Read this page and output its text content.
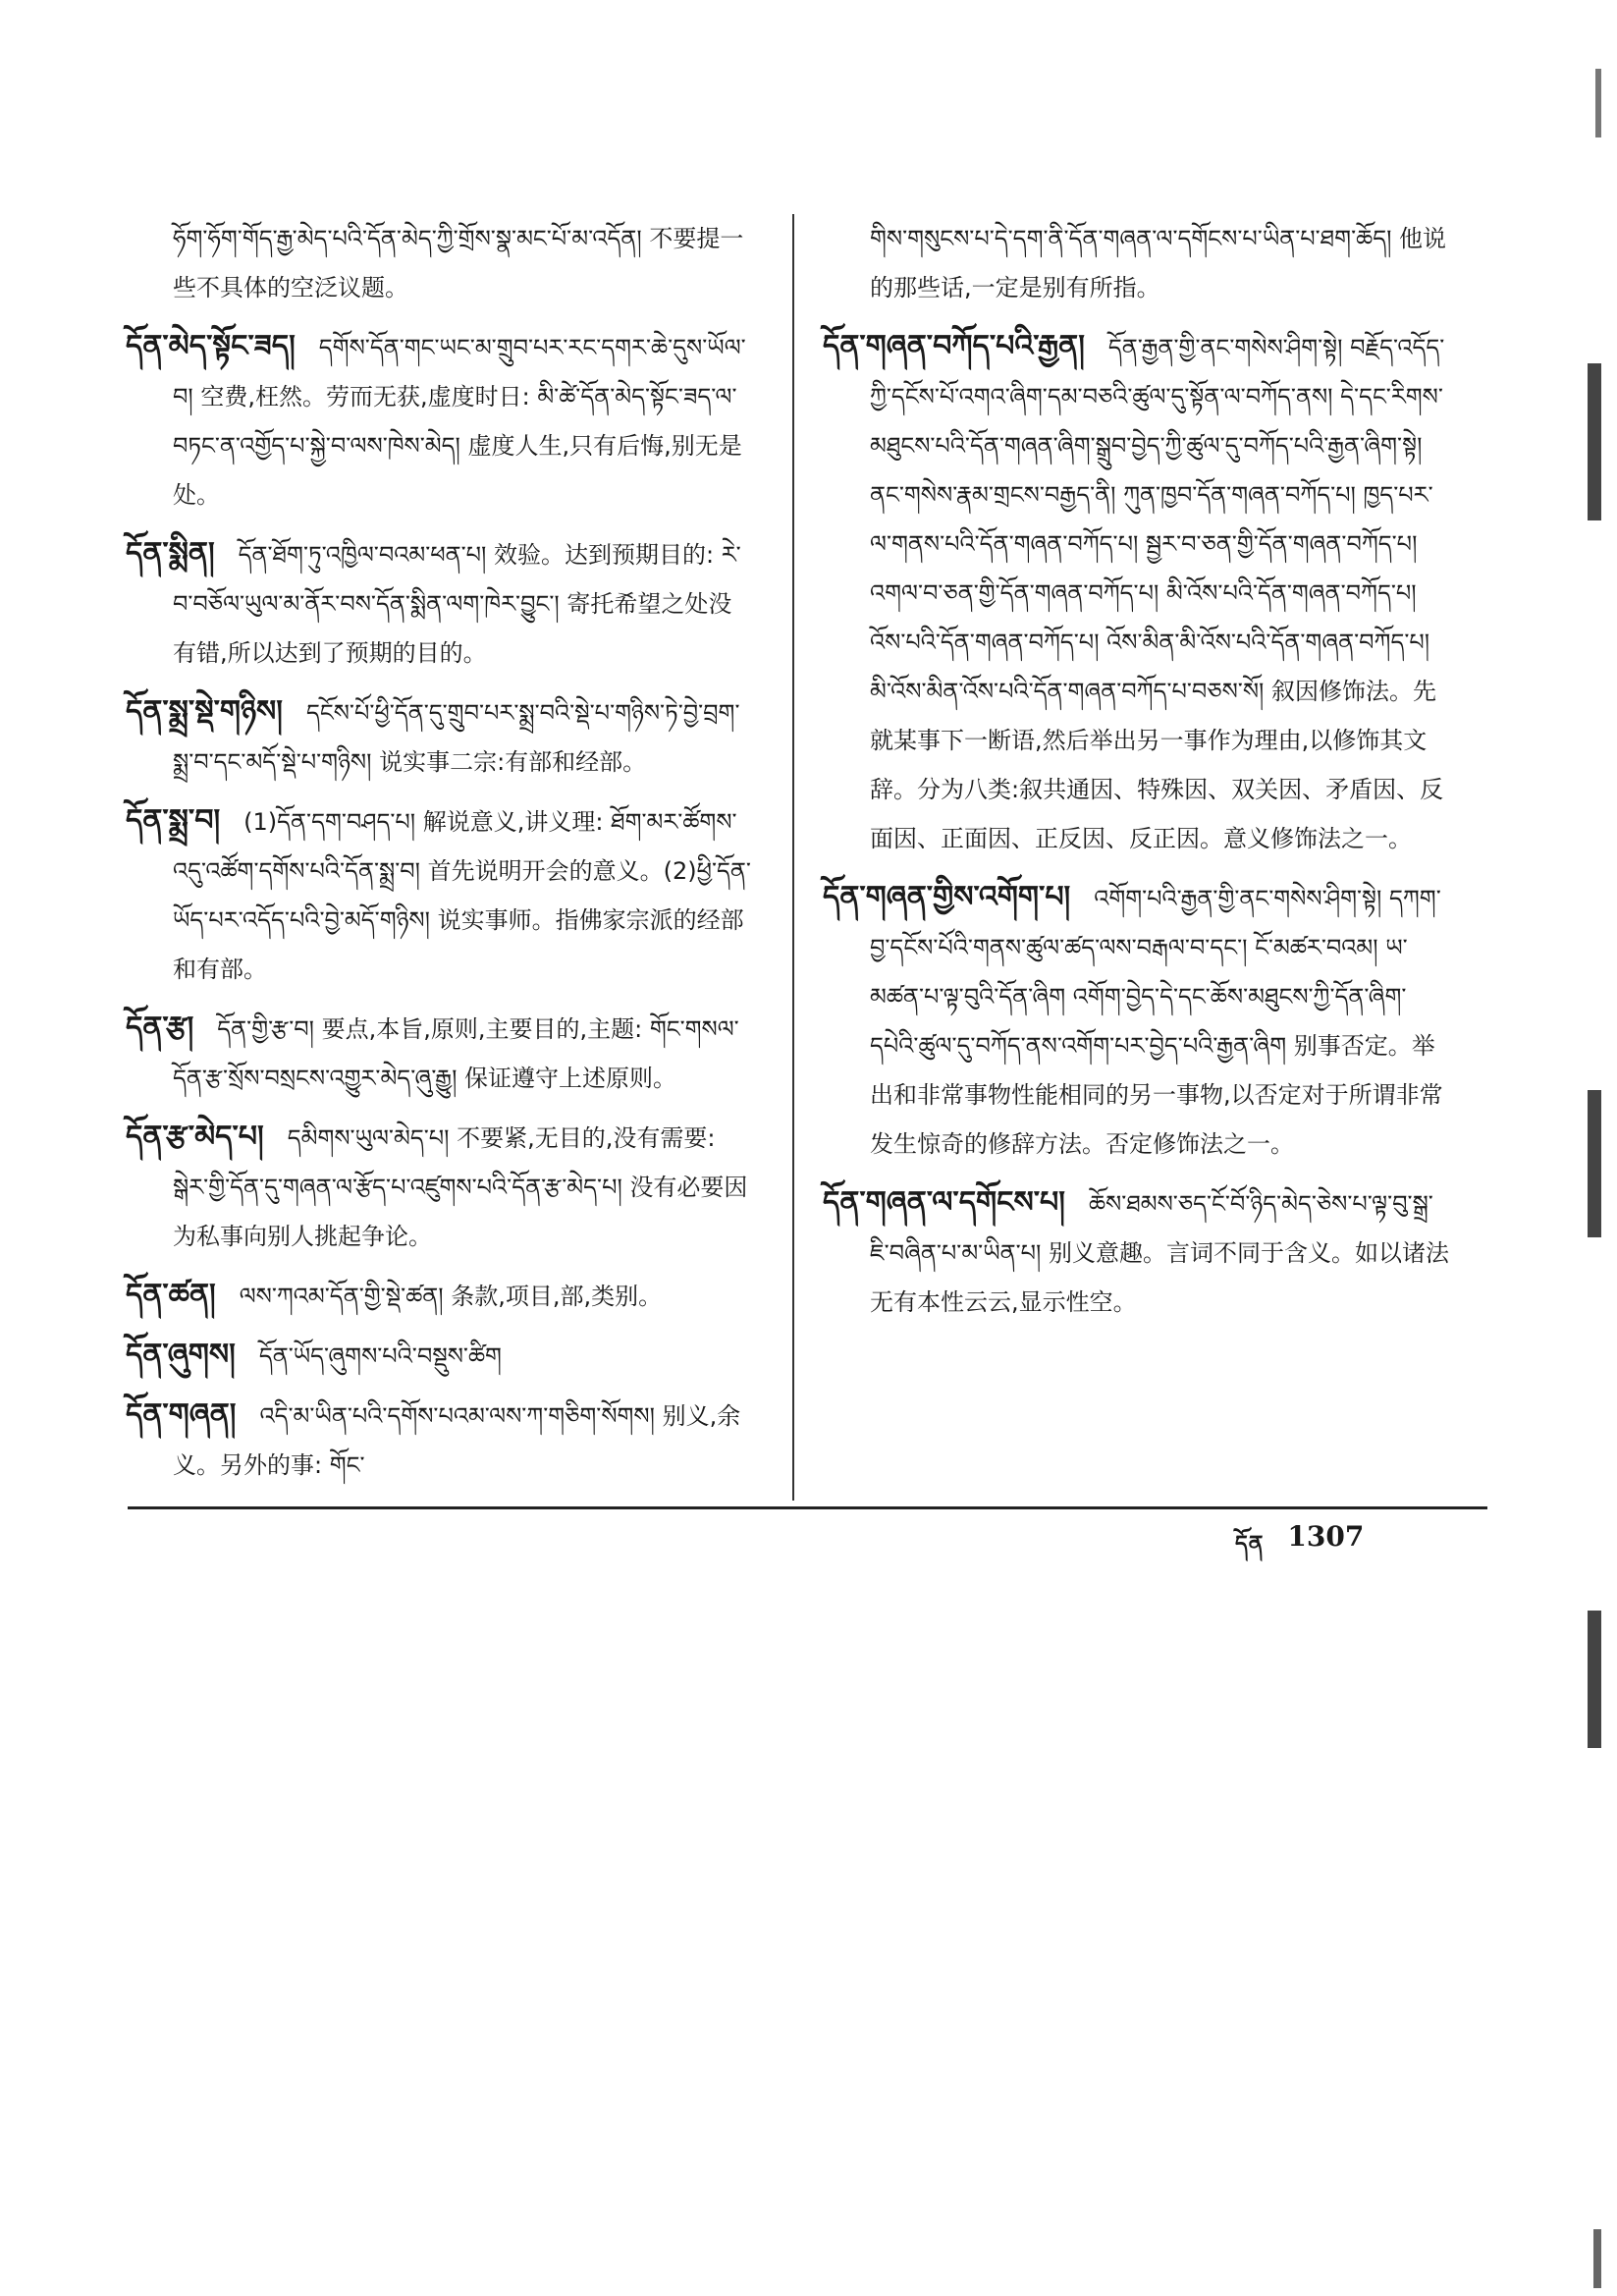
ཧོག་ཧོག་གོད་རྒྱ་མེད་པའི་དོན་མེད་ཀྱི་གྲོས་སྣ་མང་པོ་མ་འདོན། 不要提一些不具体的空泛议题。

དོན་མེད་སྟོང་ཟད། དགོས་དོན་གང་ཡང་མ་གྲུབ་པར་རང་དགར་ཆེ་དུས་ཡོལ་བ། 空费,枉然。劳而无获,虚度时日: མི་ཚེ་དོན་མེད་སྟོང་ཟད་ལ་བཏང་ན་འགྱོད་པ་སྐྱེ་བ་ལས་ཁེས་མེད། 虚度人生,只有后悔,别无是处。

དོན་སྨིན། དོན་ཐོག་ཏུ་འཁྱིལ་བའམ་ཕན་པ། 效验。达到预期目的: རེ་བ་བཅོལ་ཡུལ་མ་ནོར་བས་དོན་སྨིན་ལག་ཁེར་བྱུང་། 寄托希望之处没有错,所以达到了预期的目的。

དོན་སྨྲ་སྡེ་གཉིས། དངོས་པོ་ཕྱི་དོན་དུ་གྲུབ་པར་སྨྲ་བའི་སྡེ་པ་གཉིས་ཏེ་བྱེ་བྲག་སྨྲ་བ་དང་མདོ་སྡེ་པ་གཉིས། 说实事二宗:有部和经部。

དོན་སྨྲ་བ། (1)དོན་དག་བཤད་པ། 解说意义,讲义理: ཐོག་མར་ཚོགས་འདུ་འཚོག་དགོས་པའི་དོན་སྨྲ་བ། 首先说明开会的意义。(2)ཕྱི་དོན་ཡོད་པར་འདོད་པའི་བྱེ་མདོ་གཉིས། 说实事师。指佛家宗派的经部和有部。

དོན་རྩ། དོན་གྱི་རྩ་བ། 要点,本旨,原则,主要目的,主题: གོང་གསལ་དོན་རྩ་སྲོས་བསྲངས་འགྱུར་མེད་ཞུ་རྒྱུ། 保证遵守上述原则。

དོན་རྩ་མེད་པ། དམིགས་ཡུལ་མེད་པ། 不要紧,无目的,没有需要: སྒེར་གྱི་དོན་དུ་གཞན་ལ་རྩོད་པ་འཛུགས་པའི་དོན་རྩ་མེད་པ། 没有必要因为私事向别人挑起争论。

དོན་ཚན། ལས་ཀའམ་དོན་གྱི་སྡེ་ཚན། 条款,项目,部,类别。

དོན་ཞུགས། དོན་ཡོད་ཞུགས་པའི་བསྡུས་ཚིག

དོན་གཞན། འདི་མ་ཡིན་པའི་དགོས་པའམ་ལས་ཀ་གཅིག་སོགས། 别义,余义。另外的事: གོང་

གིས་གསུངས་པ་དེ་དག་ནི་དོན་གཞན་ལ་དགོངས་པ་ཡིན་པ་ཐག་ཆོད། 他说的那些话,一定是别有所指。

དོན་གཞན་བཀོད་པའི་རྒྱན། དོན་རྒྱན་གྱི་ནང་གསེས་ཤིག་སྟེ། བརྗོད་འདོད་ཀྱི་དངོས་པོ་འགའ་ཞིག་དམ་བཅའི་ཚུལ་དུ་སྟོན་ལ་བཀོད་ནས། དེ་དང་རིགས་མཐུངས་པའི་དོན་གཞན་ཞིག་སྒྲུབ་བྱེད་ཀྱི་ཚུལ་དུ་བཀོད་པའི་རྒྱན་ཞིག་སྟེ། ནང་གསེས་རྣམ་གྲངས་བརྒྱད་ནི། ཀུན་ཁྱབ་དོན་གཞན་བཀོད་པ། ཁྱད་པར་ལ་གནས་པའི་དོན་གཞན་བཀོད་པ། སྦྱར་བ་ཅན་གྱི་དོན་གཞན་བཀོད་པ། འགལ་བ་ཅན་གྱི་དོན་གཞན་བཀོད་པ། མི་འོས་པའི་དོན་གཞན་བཀོད་པ། འོས་པའི་དོན་གཞན་བཀོད་པ། འོས་མིན་མི་འོས་པའི་དོན་གཞན་བཀོད་པ། མི་འོས་མིན་འོས་པའི་དོན་གཞན་བཀོད་པ་བཅས་སོ། 叙因修饰法。先就某事下一断语,然后举出另一事作为理由,以修饰其文辞。分为八类:叙共通因、特殊因、双关因、矛盾因、反面因、正面因、正反因、反正因。意义修饰法之一。

དོན་གཞན་གྱིས་འགོག་པ། འགོག་པའི་རྒྱན་གྱི་ནང་གསེས་ཤིག་སྟེ། དཀག་བྱ་དངོས་པོའི་གནས་ཚུལ་ཚད་ལས་བརྒལ་བ་དང་། ངོ་མཚར་བའམ། ཡ་མཚན་པ་ལྟ་བུའི་དོན་ཞིག འགོག་བྱེད་དེ་དང་ཆོས་མཐུངས་ཀྱི་དོན་ཞིག་དཔེའི་ཚུལ་དུ་བཀོད་ནས་འགོག་པར་བྱེད་པའི་རྒྱན་ཞིག 别事否定。举出和非常事物性能相同的另一事物,以否定对于所谓非常发生惊奇的修辞方法。否定修饰法之一。

དོན་གཞན་ལ་དགོངས་པ། ཆོས་ཐམས་ཅད་ངོ་བོ་ཉིད་མེད་ཅེས་པ་ལྟ་བུ་སྒྲ་ཇི་བཞིན་པ་མ་ཡིན་པ། 别义意趣。言词不同于含义。如以诸法无有本性云云,显示性空。

དོན 1307
